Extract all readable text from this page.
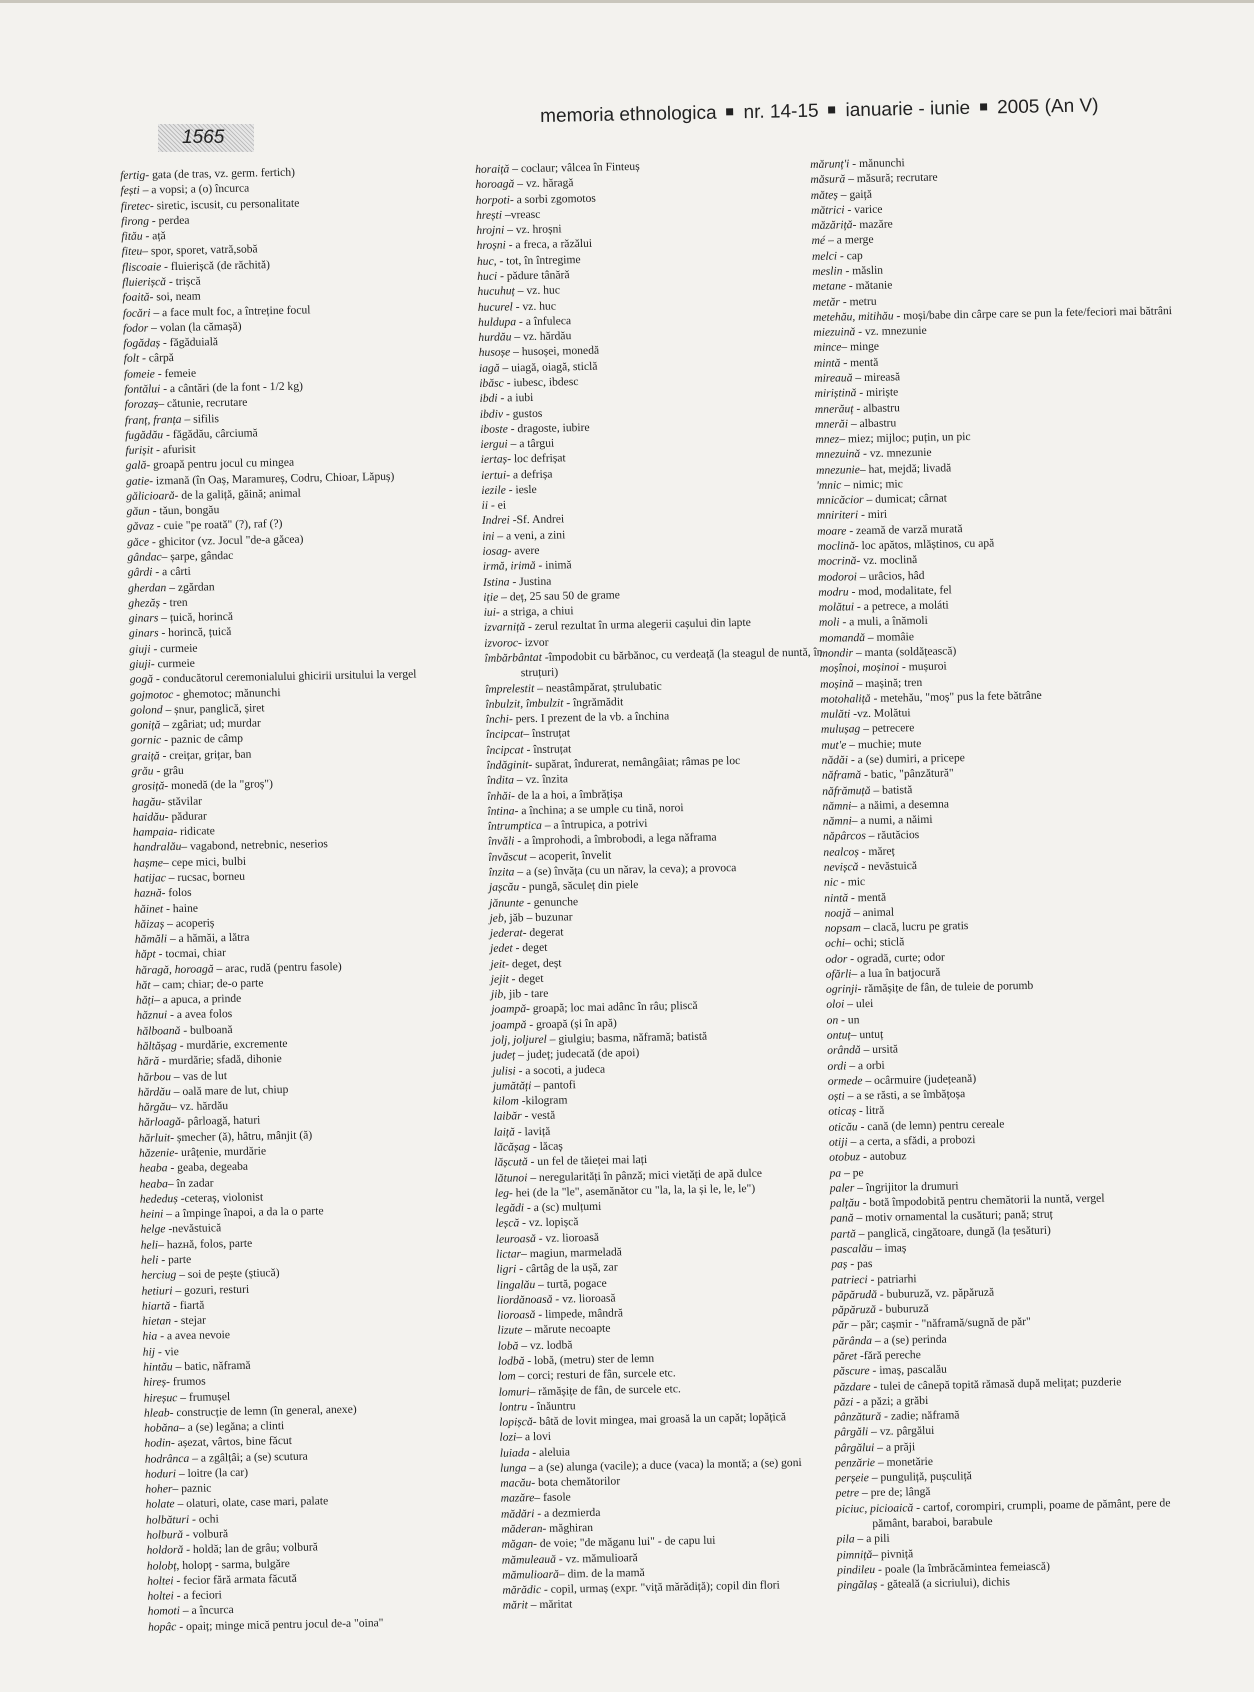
1565
memoria ethnologica nr. 14-15 ianuarie - iunie 2005 (An V)
fertig- gata (de tras, vz. germ. fertich)
fești – a vopsi; a (o) încurca
firetec- siretic, iscusit, cu personalitate
firong - perdea
fitău - ață
fiteu– spor, sporet, vatră,sobă
fliscoaie - fluierișcă (de răchită)
fluierișcă - trișcă
foaită- soi, neam
focări – a face mult foc, a întreține focul
fodor – volan (la cămașă)
fogădaș - făgăduială
folt - cârpă
fomeie - femeie
fontălui - a cântări (de la font - 1/2 kg)
forozaș– cătunie, recrutare
franț, franța – sifilis
fugădău - făgădău, cârciumă
furișit - afurisit
gală- groapă pentru jocul cu mingea
gatie- izmană (în Oaș, Maramureș, Codru, Chioar, Lăpuș)
gălicioară- de la galiță, găină; animal
găun - tăun, bongău
găvaz - cuie "pe roată" (?), raf (?)
găce - ghicitor (vz. Jocul "de-a găcea)
gândac– șarpe, gândac
gârdi - a cârti
gherdan – zgărdan
ghezăș - tren
ginars – țuică, horincă
ginars - horincă, țuică
giuji - curmeie
giuji- curmeie
gogă - conducătorul ceremonialului ghicirii ursitului la vergel
gojmotoc - ghemotoc; mănunchi
golond – șnur, panglică, șiret
goniță – zgâriat; ud; murdar
gornic - paznic de câmp
graiță - creițar, grițar, ban
grău - grâu
grosiță- monedă (de la "groș")
hagău- stăvilar
haidău- pădurar
hampaia- ridicate
handralău– vagabond, netrebnic, neserios
hașme– cepe mici, bulbi
hatijac – rucsac, borneu
hazнă- folos
hăinet - haine
hăizaș – acoperiș
hămăli – a hămăi, a lătra
hăpt - tocmai, chiar
hăragă, horoagă – arac, rudă (pentru fasole)
hăt – cam; chiar; de-o parte
hăți– a apuca, a prinde
hăznui - a avea folos
hălboană - bulboană
hăltășag - murdărie, excremente
hără - murdărie; sfadă, dihonie
hărbou – vas de lut
hărdău – oală mare de lut, chiup
hărgău– vz. hărdău
hărloagă- pârloagă, haturi
hărluit- șmecher (ă), hâtru, mânjit (ă)
hăzenie- urâțenie, murdărie
heaba - geaba, degeaba
heaba– în zadar
hededuș -ceteraș, violonist
heini – a împinge înapoi, a da la o parte
helge -nevăstuică
heli– hazнă, folos, parte
heli - parte
herciug – soi de pește (știucă)
hetiuri – gozuri, resturi
hiartă - fiartă
hietan - stejar
hia - a avea nevoie
hij - vie
hintău – batic, năframă
hireș- frumos
hireșuc – frumușel
hleab- construcție de lemn (în general, anexe)
hobăna– a (se) legăna; a clinti
hodin- așezat, vârtos, bine făcut
hodrânca – a zgâlțâi; a (se) scutura
hoduri – loitre (la car)
hoher– paznic
holate – olaturi, olate, case mari, palate
holbături - ochi
holbură - volbură
holdoră - holdă; lan de grâu; volbură
holobț, holopț - sarma, bulgăre
holtei - fecior fără armata făcută
holtei - a feciori
homoti – a încurca
hopâc - opaiț; minge mică pentru jocul de-a "oina"
horaiță – coclaur; vâlcea în Finteuș
horoagă – vz. hăragă
horpoti- a sorbi zgomotos
hrești –vreasc
hrojni – vz. hroșni
hroșni - a freca, a răzălui
huc, - tot, în întregime
huci - pădure tânără
hucuhuț – vz. huc
hucurel - vz. huc
huldupa - a înfuleca
hurdău – vz. hărdău
husoșe – husoșei, monedă
iagă – uiagă, oiagă, sticlă
ibăsc - iubesc, ibdesc
ibdi - a iubi
ibdiv - gustos
iboste - dragoste, iubire
iergui – a târgui
iertaș- loc defrișat
iertui- a defrișa
iezile - iesle
ii - ei
Indrei -Sf. Andrei
ini – a veni, a zini
iosag- avere
irmă, irimă - inimă
Istina - Justina
iție – deț, 25 sau 50 de grame
iui- a striga, a chiui
izvarniță - zerul rezultat în urma alegerii cașului din lapte
izvoroc- izvor
îmbărbântat -împodobit cu bărbănoc, cu verdeață (la steagul de nuntă, în struțuri)
împrelestit – neastâmpărat, ștrulubatic
înbulzit, îmbulzit - îngrămădit
închi- pers. I prezent de la vb. a închina
încipcat– înstruțat
încipcat - înstruțat
îndăginit- supărat, îndurerat, nemângâiat; râmas pe loc
îndita – vz. înzita
înhăi- de la a hoi, a îmbrățișa
întina- a închina; a se umple cu tină, noroi
întrumptica – a întrupica, a potrivi
învăli - a împrohodi, a îmbrobodi, a lega năframa
învăscut – acoperit, învelit
înzita – a (se) învăța (cu un nărav, la ceva); a provoca
jașcău - pungă, săculeț din piele
jănunte - genunche
jeb, jăb – buzunar
jederat- degerat
jedet - deget
jeit- deget, deșt
jejit - deget
jib, jib - tare
joampă- groapă; loc mai adânc în râu; pliscă
joampă - groapă (și în apă)
jolj, joljurel – giulgiu; basma, năframă; batistă
județ – județ; judecată (de apoi)
julisi - a socoti, a judeca
jumătăți – pantofi
kilom -kilogram
laibăr - vestă
laiță - laviță
lăcășag - lăcaș
lășcută - un fel de tăieței mai lați
lătunoi – neregularități în pânză; mici vietăți de apă dulce
leg- hei (de la "le", asemănător cu "la, la, la și le, le, le")
legădi - a (sc) mulțumi
leșcă - vz. lopișcă
leuroasă - vz. lioroasă
lictar– magiun, marmeladă
ligri - cârtâg de la ușă, zar
lingalău – turtă, pogace
liordănoasă - vz. lioroasă
lioroasă - limpede, mândră
lizute – mărute necoapte
lobă – vz. lodbă
lodbă - lobă, (metru) ster de lemn
lom – corci; resturi de fân, surcele etc.
lomuri– rămășițe de fân, de surcele etc.
lontru - înăuntru
lopișcă- bâtă de lovit mingea, mai groasă la un capăt; lopățică
lozi– a lovi
luiada - aleluia
lunga – a (se) alunga (vacile); a duce (vaca) la montă; a (se) goni
macău- bota chemătorilor
mazăre– fasole
mădări - a dezmierda
măderan- măghiran
măgan- de voie; "de măganu lui" - de capu lui
mămuleauă - vz. mămulioară
mămulioară– dim. de la mamă
mărădic - copil, urmaș (expr. "viță mărădiță); copil din flori
mărit – măritat
mărunț'i - mănunchi
măsură – măsură; recrutare
măteș – gaiță
mătrici - varice
măzăriță- mazăre
mé – a merge
melci - cap
meslin - măslin
metane - mătanie
metăr - metru
metehău, mitihău - moși/babe din cârpe care se pun la fete/feciori mai bătrâni
miezuină - vz. mnezunie
mince– minge
mintă - mentă
mireauă – mireasă
miriștină - miriște
mnerăuț - albastru
mnerăi – albastru
mnez– miez; mijloc; puțin, un pic
mnezuină - vz. mnezunie
mnezunie– hat, mejdă; livadă
'mnic – nimic; mic
mnicăcior – dumicat; cârnat
mniriteri - miri
moare - zeamă de varză murată
moclină- loc apătos, mlăștinos, cu apă
mocrină- vz. moclină
modoroi – urâcios, hâd
modru - mod, modalitate, fel
molătui - a petrece, a moláti
moli - a muli, a înămoli
momandă – momâie
mondir – manta (soldățească)
moșînoi, moșinoi - mușuroi
moșină – mașină; tren
motohaliță - metehău, "moș" pus la fete bătrâne
mulăti -vz. Molătui
mulușag – petrecere
mut'e – muchie; mute
nădăi - a (se) dumiri, a pricepe
năframă - batic, "pânzătură"
năfrămuță – batistă
nămni– a năimi, a desemna
nămni– a numi, a năimi
năpârcos – răutăcios
nealcoș - măreț
nevișcă - nevăstuică
nic - mic
nintă - mentă
noajă – animal
nopsam – clacă, lucru pe gratis
ochi– ochi; sticlă
odor - ogradă, curte; odor
ofărli– a lua în batjocură
ogrinji- rămășițe de fân, de tuleie de porumb
oloi – ulei
on - un
ontuț– untuț
orândă – ursită
ordi – a orbi
ormede – ocârmuire (județeană)
oști – a se răsti, a se îmbățoșa
oticaș - litră
oticău - cană (de lemn) pentru cereale
otiji – a certa, a sfădi, a probozi
otobuz - autobuz
pa – pe
paler – îngrijitor la drumuri
palțău - botă împodobită pentru chemătorii la nuntă, vergel
pană – motiv ornamental la cusături; pană; struț
partă – panglică, cingătoare, dungă (la țesături)
pascalău – imaș
paș - pas
patrieci - patriarhi
păpărudă - buburuză, vz. păpăruză
păpăruză - buburuză
păr – păr; cașmir - "năframă/sugnă de păr"
părânda – a (se) perinda
păret -fără pereche
păscure - imaș, pascalău
păzdare - tulei de cânepă topită rămasă după melițat; puzderie
păzi - a păzi; a grăbi
pânzătură - zadie; năframă
pârgăli – vz. pârgălui
pârgălui – a prăji
penzărie – monetărie
perșeie – punguliță, pușculiță
petre – pre de; lângă
piciuc, picioaică - cartof, corompiri, crumpli, poame de pământ, pere de pământ, baraboi, barabule
pila – a pili
pimniță– pivniță
pindileu - poale (la îmbrăcămintea femeiască)
pingălaș - găteală (a sicriului), dichis
